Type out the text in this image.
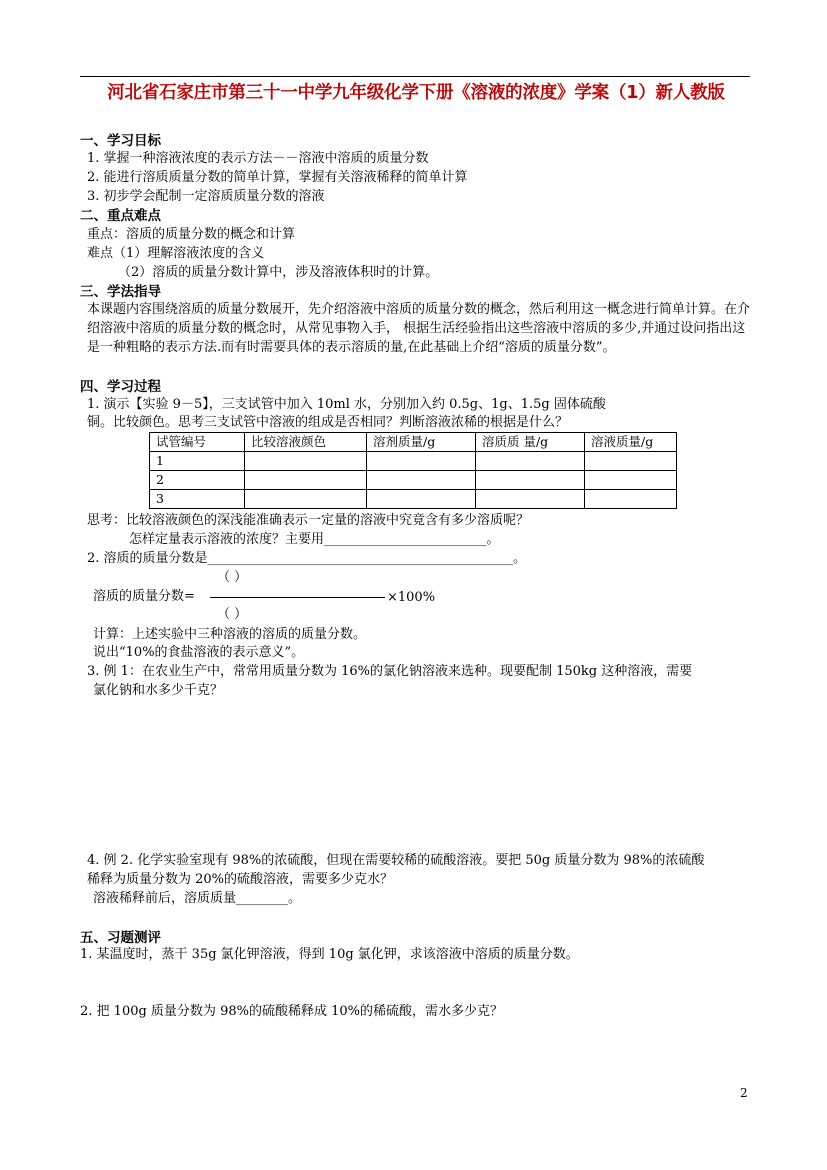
河北省石家庄市第三十一中学九年级化学下册《溶液的浓度》学案（1）新人教版
一、学习目标
1. 掌握一种溶液浓度的表示方法－－溶液中溶质的质量分数
2. 能进行溶质质量分数的简单计算，掌握有关溶液稀释的简单计算
3. 初步学会配制一定溶质质量分数的溶液
二、重点难点
重点：溶质的质量分数的概念和计算
难点（1）理解溶液浓度的含义
（2）溶质的质量分数计算中，涉及溶液体积时的计算。
三、学法指导
本课题内容围绕溶质的质量分数展开，先介绍溶液中溶质的质量分数的概念，然后利用这一概念进行简单计算。在介绍溶液中溶质的质量分数的概念时，从常见事物入手， 根据生活经验指出这些溶液中溶质的多少,并通过设问指出这是一种粗略的表示方法.而有时需要具体的表示溶质的量,在此基础上介绍“溶质的质量分数”。
四、学习过程
1. 演示【实验 9－5】，三支试管中加入 10ml 水，分别加入约 0.5g、1g、1.5g 固体硫酸
铜。比较颜色。思考三支试管中溶液的组成是否相同？判断溶液浓稀的根据是什么？
试管编号	比较溶液颜色	溶剂质量/g	溶质质 量/g	溶液质量/g
1				
2				
3				
思考：比较溶液颜色的深浅能准确表示一定量的溶液中究竟含有多少溶质呢？
怎样定量表示溶液的浓度？主要用_________________________。
2. 溶质的质量分数是_______________________________________________。
（ ）
溶质的质量分数=	×100%
（ ）
计算：上述实验中三种溶液的溶质的质量分数。
说出“10%的食盐溶液的表示意义”。
3. 例 1：在农业生产中，常常用质量分数为 16%的氯化钠溶液来选种。现要配制 150kg 这种溶液，需要
氯化钠和水多少千克？
4. 例 2. 化学实验室现有 98%的浓硫酸，但现在需要较稀的硫酸溶液。要把 50g 质量分数为 98%的浓硫酸
稀释为质量分数为 20%的硫酸溶液，需要多少克水？
溶液稀释前后，溶质质量________。
五、习题测评
1. 某温度时，蒸干 35g 氯化钾溶液，得到 10g 氯化钾，求该溶液中溶质的质量分数。
2. 把 100g 质量分数为 98%的硫酸稀释成 10%的稀硫酸，需水多少克？
2
